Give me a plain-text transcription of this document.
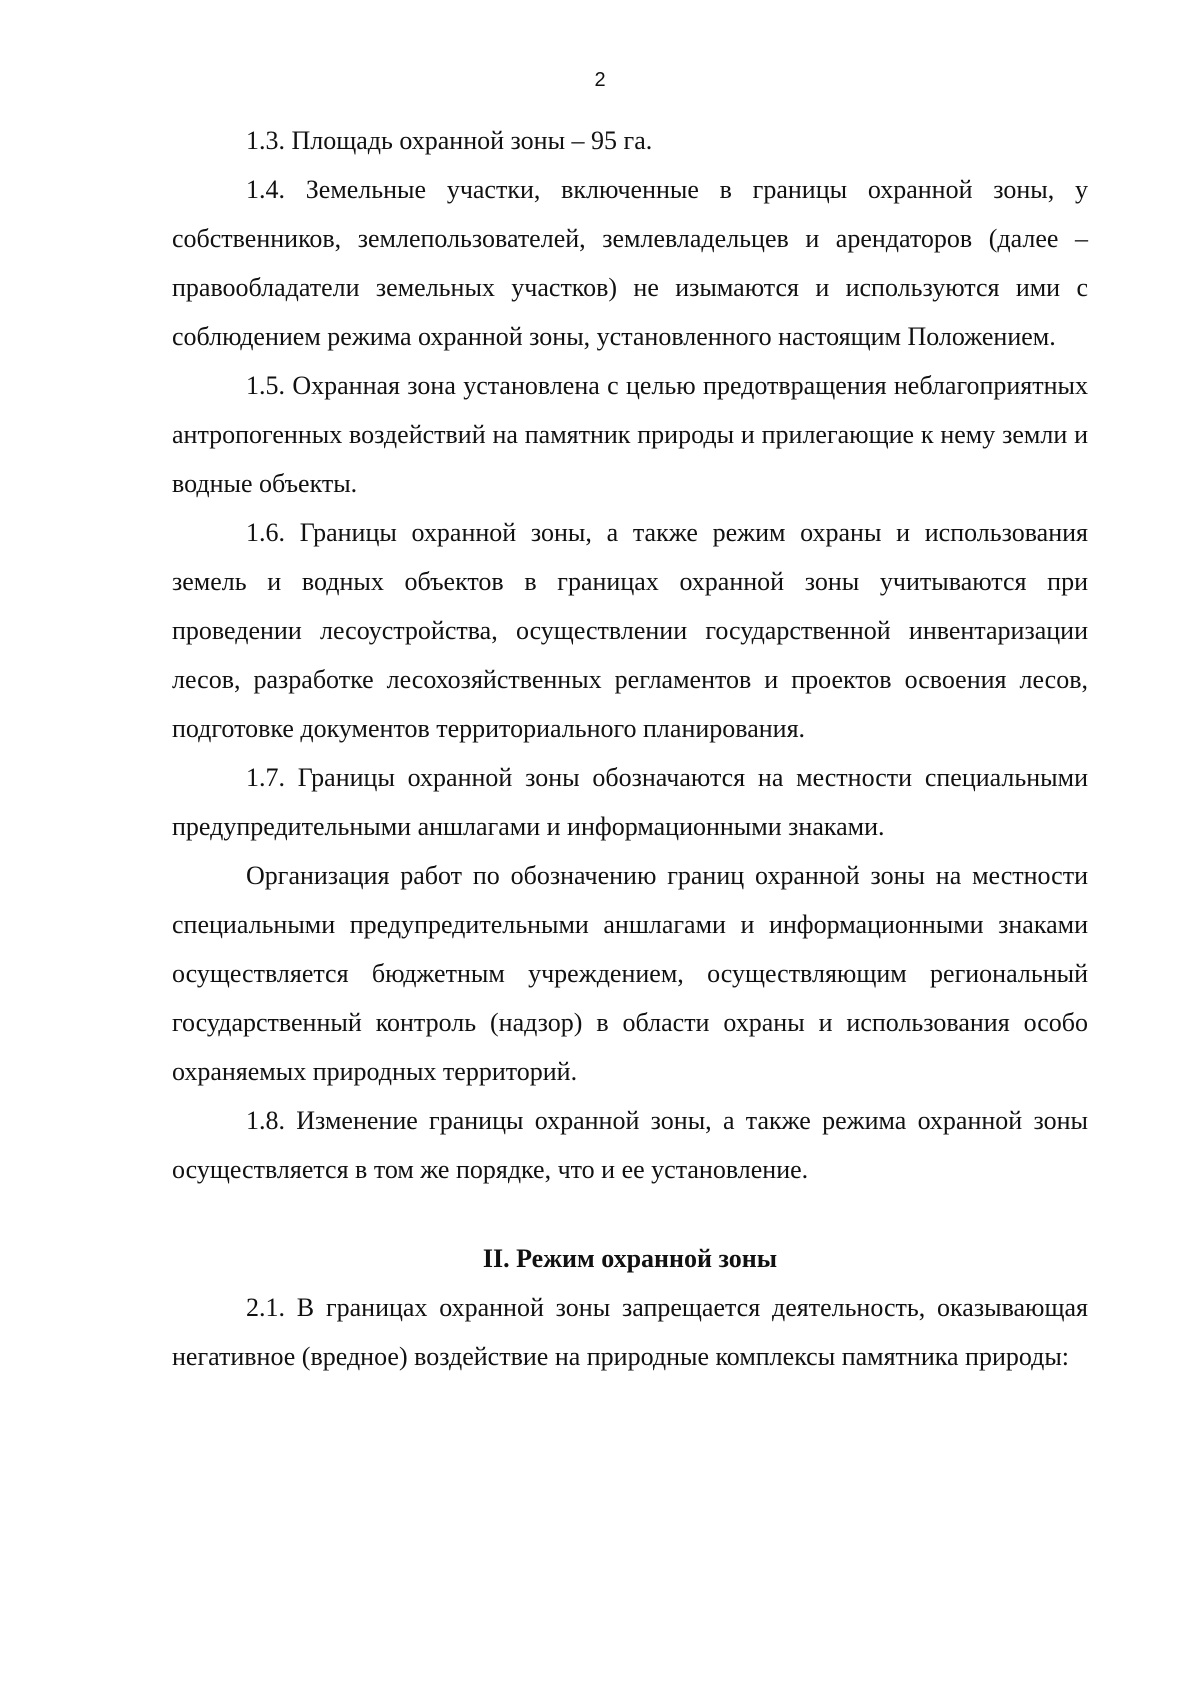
2

1.3. Площадь охранной зоны – 95 га.

1.4. Земельные участки, включенные в границы охранной зоны, у собственников, землепользователей, землевладельцев и арендаторов (далее – правообладатели земельных участков) не изымаются и используются ими с соблюдением режима охранной зоны, установленного настоящим Положением.

1.5. Охранная зона установлена с целью предотвращения неблагоприятных антропогенных воздействий на памятник природы и прилегающие к нему земли и водные объекты.

1.6. Границы охранной зоны, а также режим охраны и использования земель и водных объектов в границах охранной зоны учитываются при проведении лесоустройства, осуществлении государственной инвентаризации лесов, разработке лесохозяйственных регламентов и проектов освоения лесов, подготовке документов территориального планирования.

1.7. Границы охранной зоны обозначаются на местности специальными предупредительными аншлагами и информационными знаками.

Организация работ по обозначению границ охранной зоны на местности специальными предупредительными аншлагами и информационными знаками осуществляется бюджетным учреждением, осуществляющим региональный государственный контроль (надзор) в области охраны и использования особо охраняемых природных территорий.

1.8. Изменение границы охранной зоны, а также режима охранной зоны осуществляется в том же порядке, что и ее установление.

II. Режим охранной зоны

2.1. В границах охранной зоны запрещается деятельность, оказывающая негативное (вредное) воздействие на природные комплексы памятника природы:
